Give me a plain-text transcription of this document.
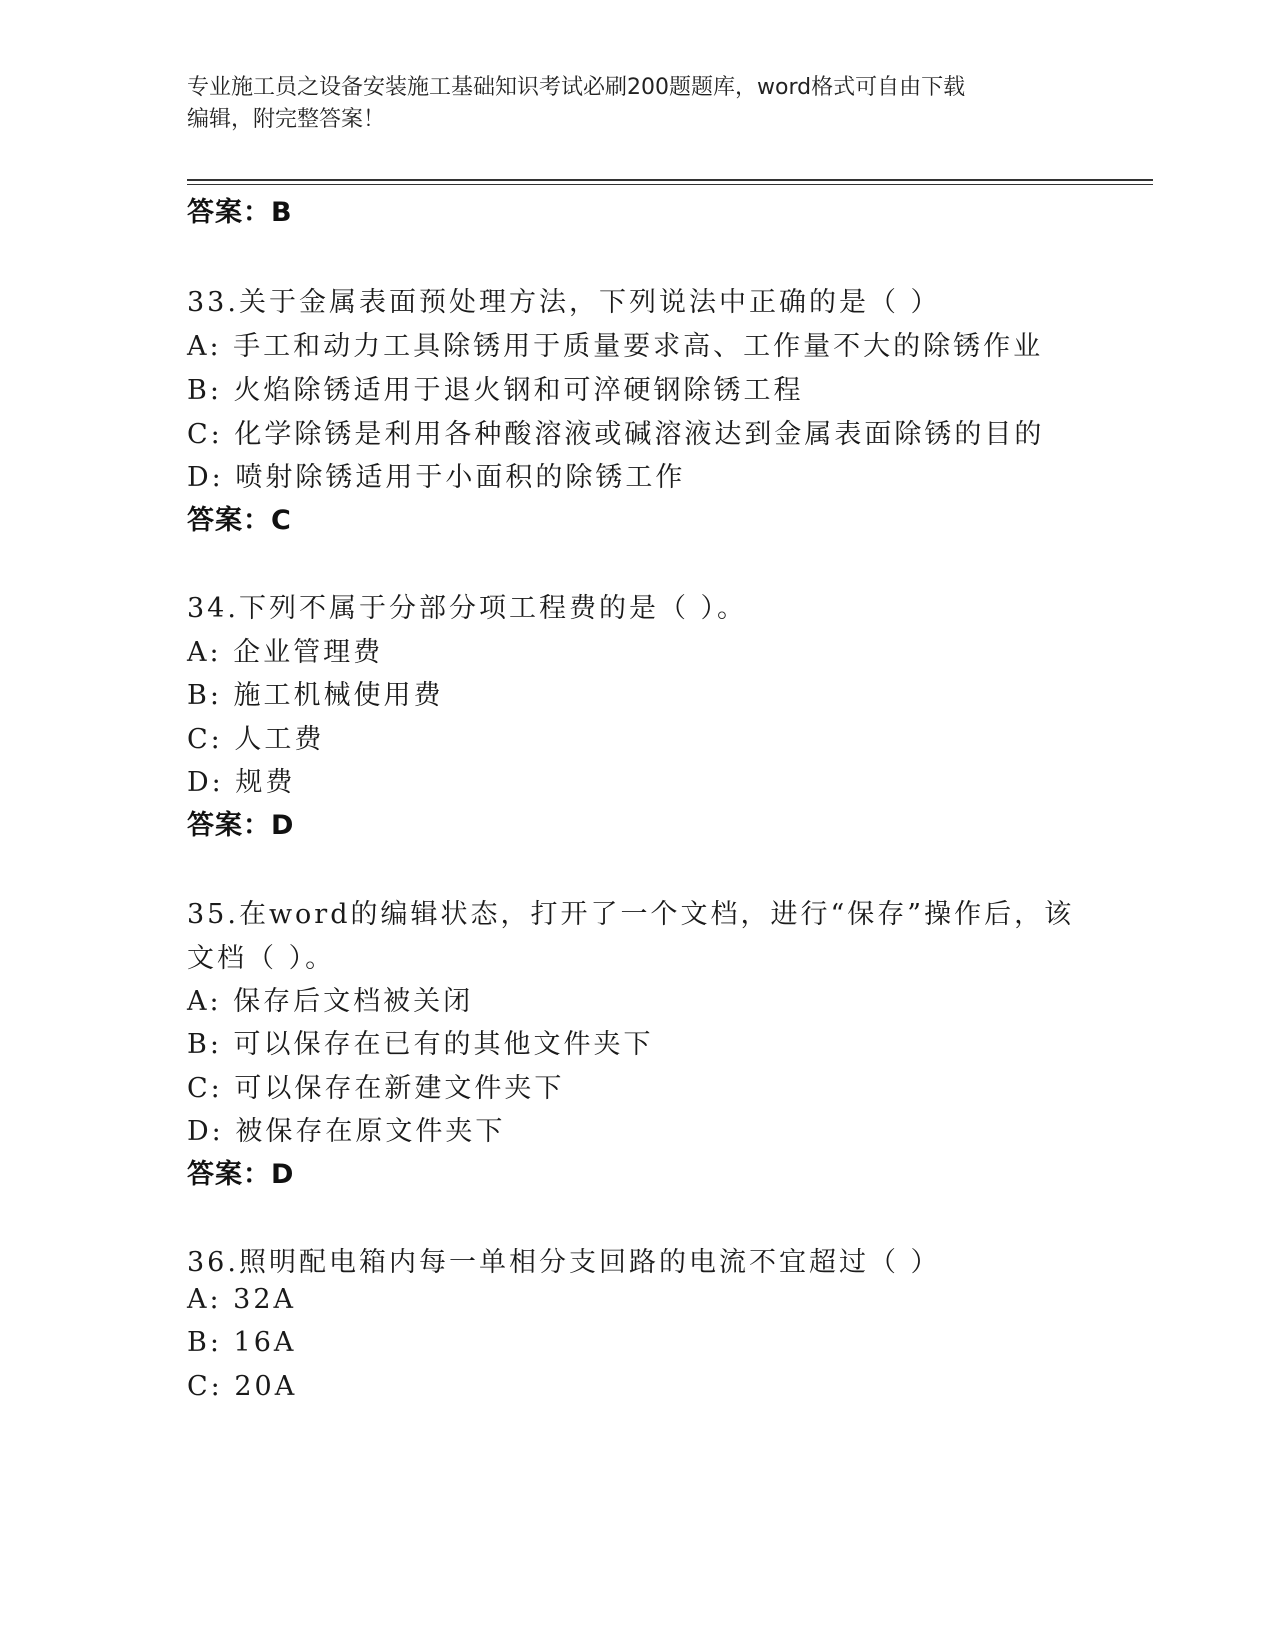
专业施工员之设备安装施工基础知识考试必刷200题题库，word格式可自由下载
编辑，附完整答案！
答案：B
33.关于金属表面预处理方法，下列说法中正确的是（ ）
A: 手工和动力工具除锈用于质量要求高、工作量不大的除锈作业
B: 火焰除锈适用于退火钢和可淬硬钢除锈工程
C: 化学除锈是利用各种酸溶液或碱溶液达到金属表面除锈的目的
D: 喷射除锈适用于小面积的除锈工作
答案：C
34.下列不属于分部分项工程费的是（ ）。
A: 企业管理费
B: 施工机械使用费
C: 人工费
D: 规费
答案：D
35.在word的编辑状态，打开了一个文档，进行“保存”操作后，该
文档（ ）。
A: 保存后文档被关闭
B: 可以保存在已有的其他文件夹下
C: 可以保存在新建文件夹下
D: 被保存在原文件夹下
答案：D
36.照明配电箱内每一单相分支回路的电流不宜超过（ ）
A: 32A
B: 16A
C: 20A
